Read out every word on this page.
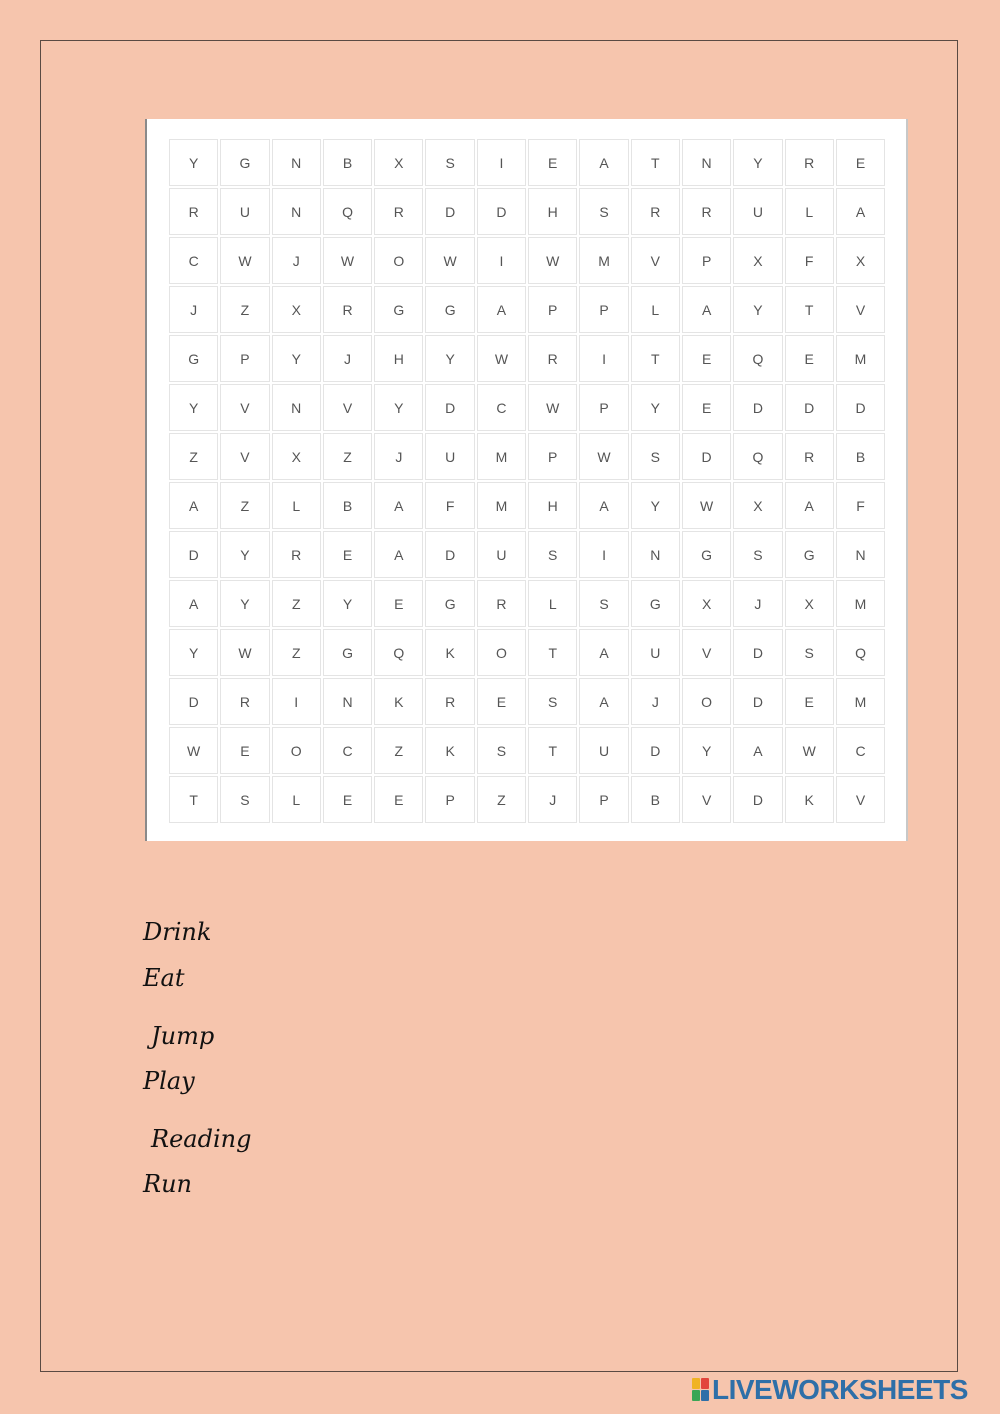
Y	G	N	B	X	S	I	E	A	T	N	Y	R	E
R	U	N	Q	R	D	D	H	S	R	R	U	L	A
C	W	J	W	O	W	I	W	M	V	P	X	F	X
J	Z	X	R	G	G	A	P	P	L	A	Y	T	V
G	P	Y	J	H	Y	W	R	I	T	E	Q	E	M
Y	V	N	V	Y	D	C	W	P	Y	E	D	D	D
Z	V	X	Z	J	U	M	P	W	S	D	Q	R	B
A	Z	L	B	A	F	M	H	A	Y	W	X	A	F
D	Y	R	E	A	D	U	S	I	N	G	S	G	N
A	Y	Z	Y	E	G	R	L	S	G	X	J	X	M
Y	W	Z	G	Q	K	O	T	A	U	V	D	S	Q
D	R	I	N	K	R	E	S	A	J	O	D	E	M
W	E	O	C	Z	K	S	T	U	D	Y	A	W	C
T	S	L	E	E	P	Z	J	P	B	V	D	K	V
Drink
Eat
Jump
Play
Reading
Run
LIVEWORKSHEETS
